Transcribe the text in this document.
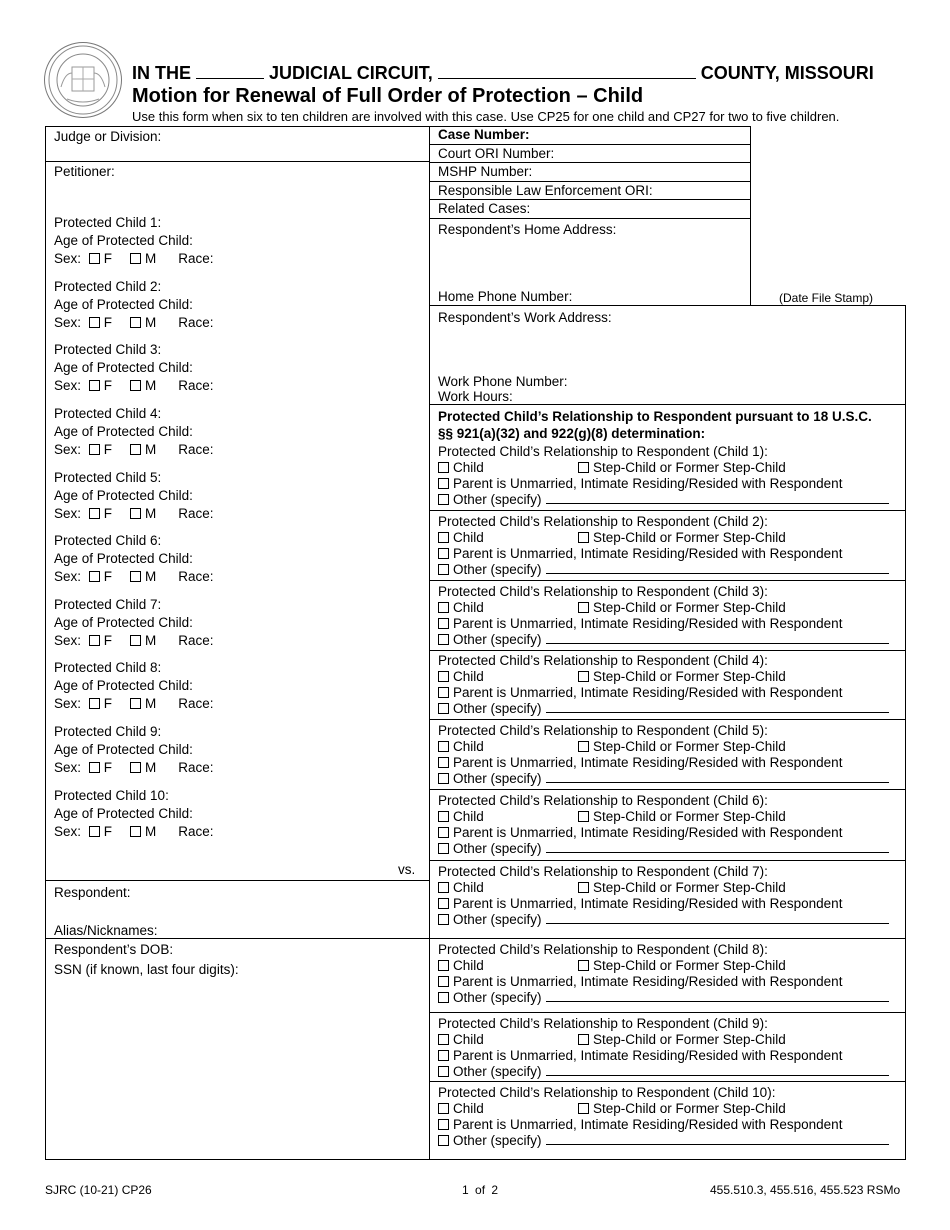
IN THE	JUDICIAL CIRCUIT,	COUNTY, MISSOURI
Motion for Renewal of Full Order of Protection – Child
Use this form when six to ten children are involved with this case. Use CP25 for one child and CP27 for two to five children.
Judge or Division:
Petitioner:
Protected Child 1:
Age of Protected Child:
Sex: F M Race:
Protected Child 2:
Age of Protected Child:
Sex: F M Race:
Protected Child 3:
Age of Protected Child:
Sex: F M Race:
Protected Child 4:
Age of Protected Child:
Sex: F M Race:
Protected Child 5:
Age of Protected Child:
Sex: F M Race:
Protected Child 6:
Age of Protected Child:
Sex: F M Race:
Protected Child 7:
Age of Protected Child:
Sex: F M Race:
Protected Child 8:
Age of Protected Child:
Sex: F M Race:
Protected Child 9:
Age of Protected Child:
Sex: F M Race:
Protected Child 10:
Age of Protected Child:
Sex: F M Race:
vs.
Respondent:
Alias/Nicknames:
Respondent’s DOB:
SSN (if known, last four digits):
Case Number:
Court ORI Number:
MSHP Number:
Responsible Law Enforcement ORI:
Related Cases:
Respondent’s Home Address:
Home Phone Number:	(Date File Stamp)
Respondent’s Work Address:
Work Phone Number:
Work Hours:
Protected Child’s Relationship to Respondent pursuant to 18 U.S.C.
§§ 921(a)(32) and 922(g)(8) determination:
Protected Child’s Relationship to Respondent (Child 1):
Child	Step-Child or Former Step-Child
Parent is Unmarried, Intimate Residing/Resided with Respondent
Other (specify)
Protected Child’s Relationship to Respondent (Child 2):
Child	Step-Child or Former Step-Child
Parent is Unmarried, Intimate Residing/Resided with Respondent
Other (specify)
Protected Child’s Relationship to Respondent (Child 3):
Child	Step-Child or Former Step-Child
Parent is Unmarried, Intimate Residing/Resided with Respondent
Other (specify)
Protected Child’s Relationship to Respondent (Child 4):
Child	Step-Child or Former Step-Child
Parent is Unmarried, Intimate Residing/Resided with Respondent
Other (specify)
Protected Child’s Relationship to Respondent (Child 5):
Child	Step-Child or Former Step-Child
Parent is Unmarried, Intimate Residing/Resided with Respondent
Other (specify)
Protected Child’s Relationship to Respondent (Child 6):
Child	Step-Child or Former Step-Child
Parent is Unmarried, Intimate Residing/Resided with Respondent
Other (specify)
Protected Child’s Relationship to Respondent (Child 7):
Child	Step-Child or Former Step-Child
Parent is Unmarried, Intimate Residing/Resided with Respondent
Other (specify)
Protected Child’s Relationship to Respondent (Child 8):
Child	Step-Child or Former Step-Child
Parent is Unmarried, Intimate Residing/Resided with Respondent
Other (specify)
Protected Child’s Relationship to Respondent (Child 9):
Child	Step-Child or Former Step-Child
Parent is Unmarried, Intimate Residing/Resided with Respondent
Other (specify)
Protected Child’s Relationship to Respondent (Child 10):
Child	Step-Child or Former Step-Child
Parent is Unmarried, Intimate Residing/Resided with Respondent
Other (specify)
SJRC (10-21) CP26	1 of 2	455.510.3, 455.516, 455.523 RSMo
